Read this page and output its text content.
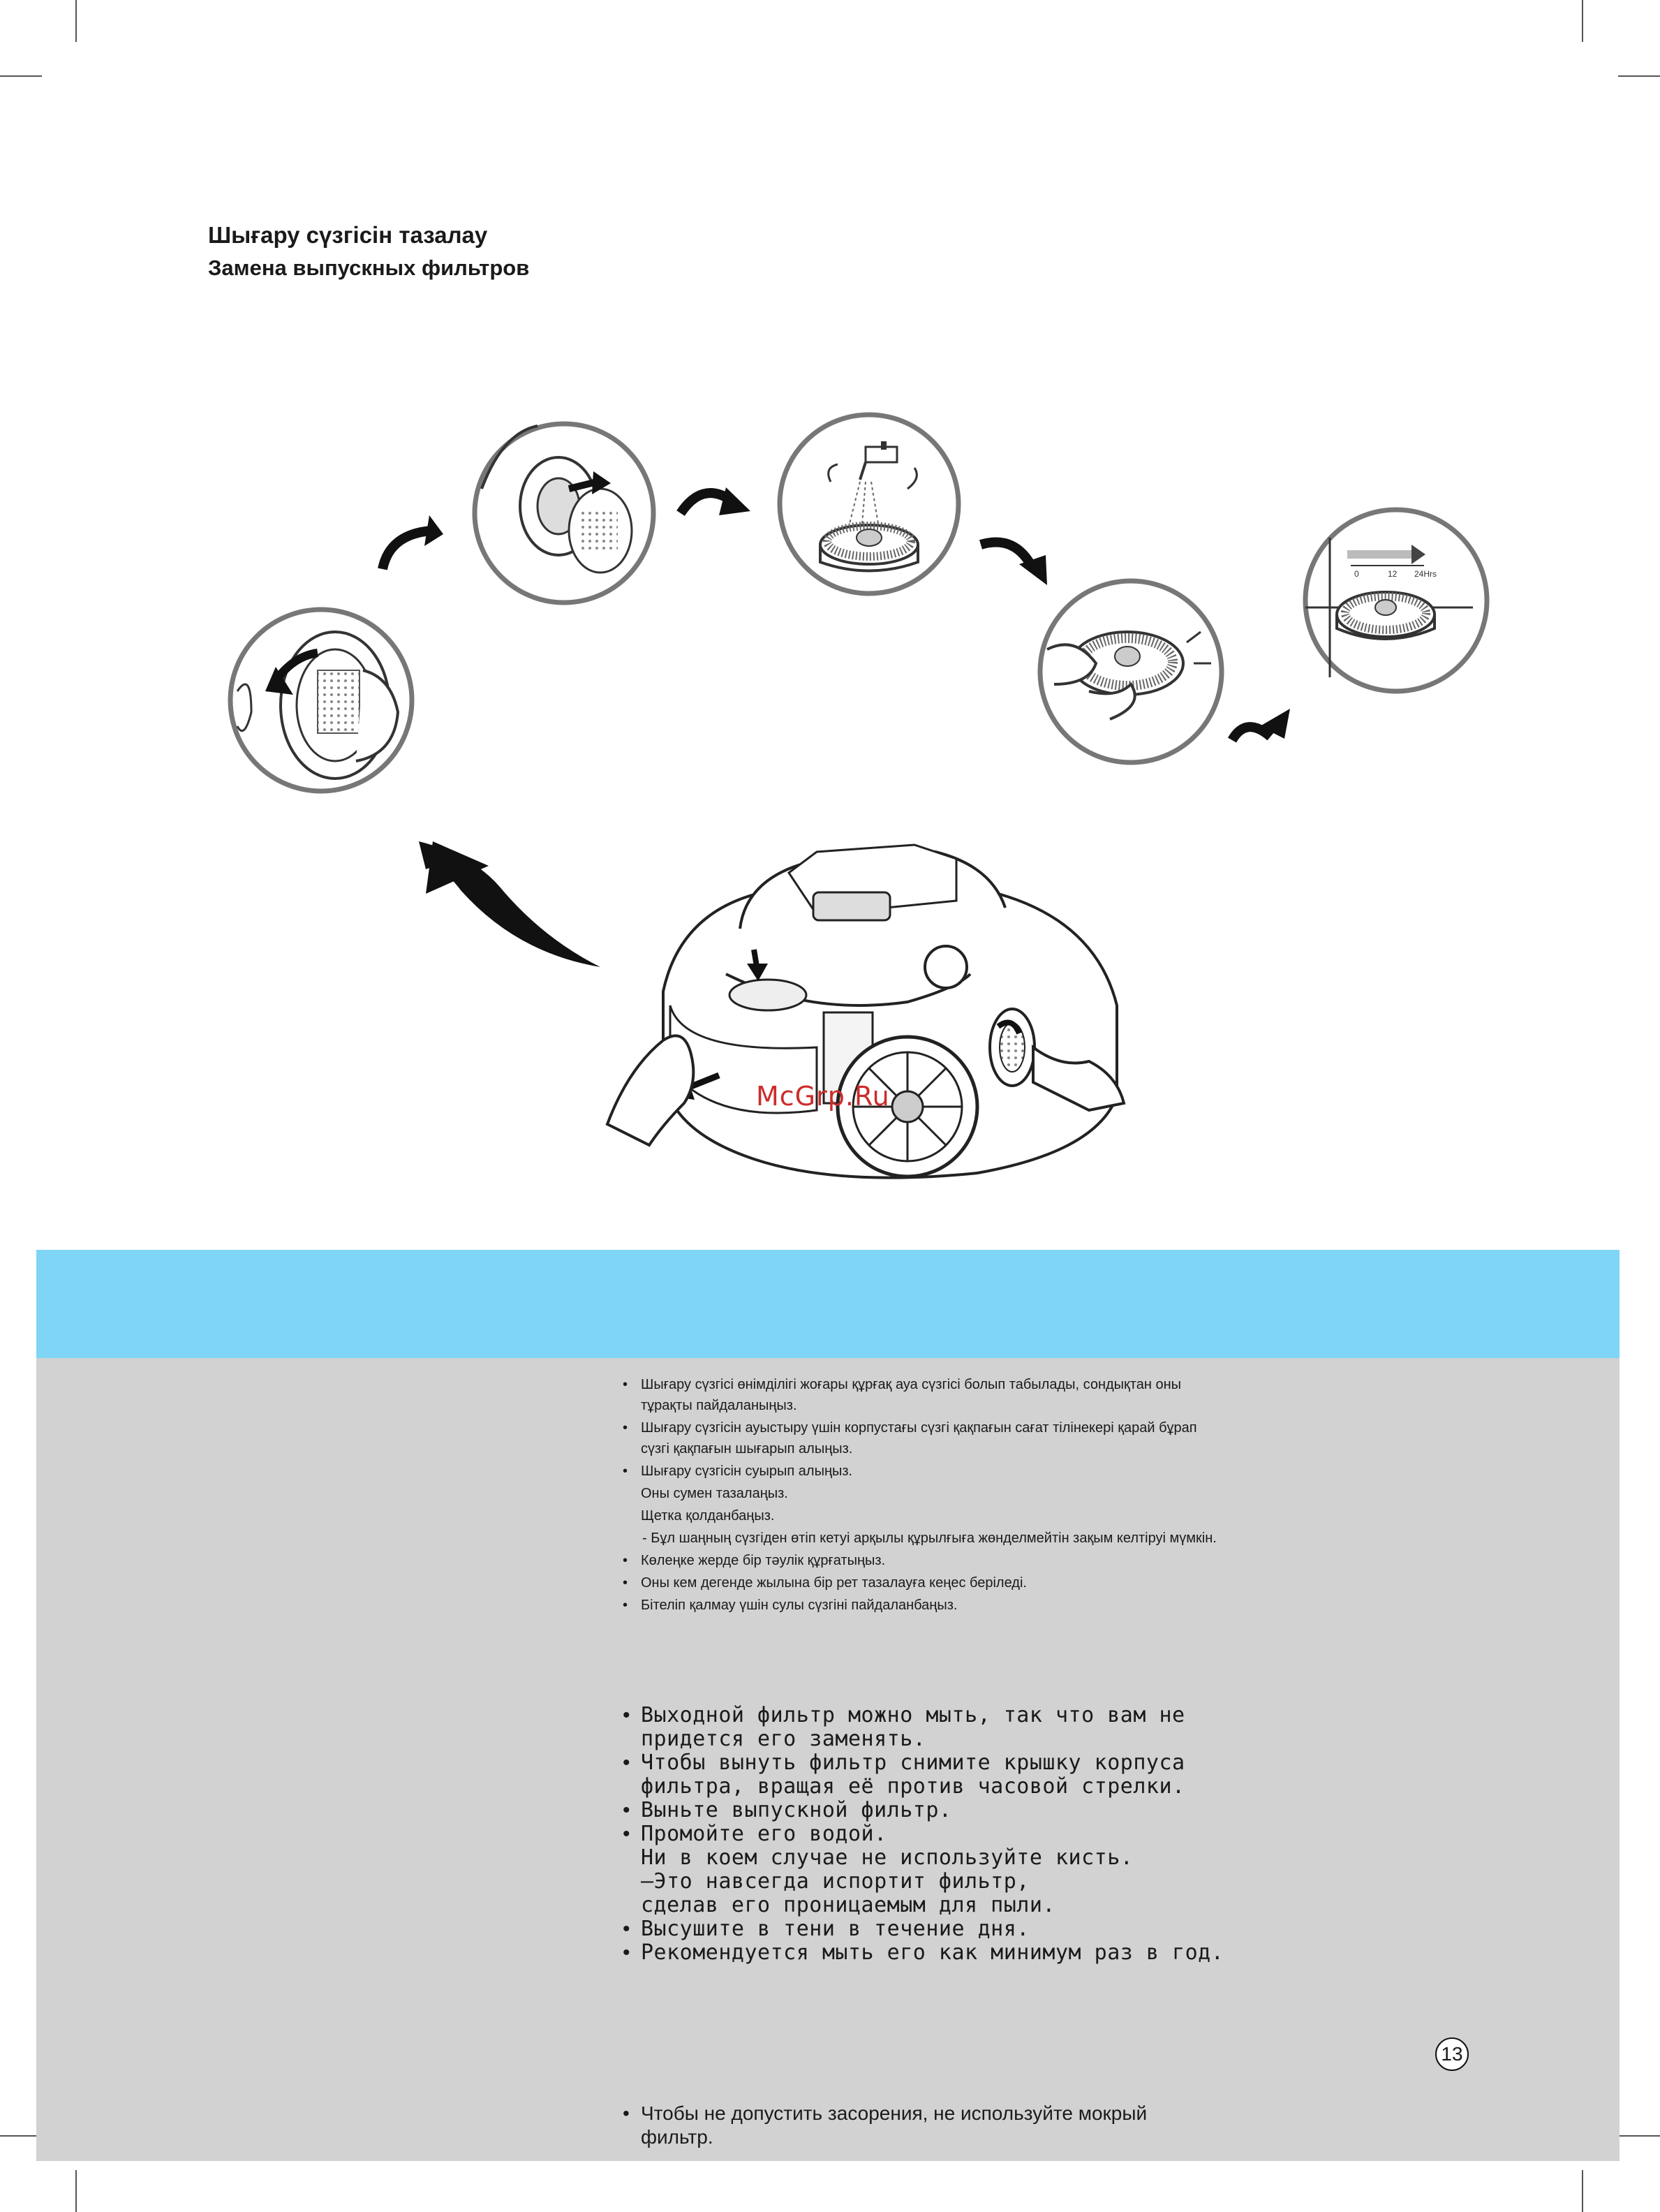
Шығару сүзгісін тазалау
Замена выпускных фильтров
0	12 24Hrs
McGrp.Ru
• Шығару сүзгісі өнімділігі жоғары құрғақ ауа сүзгісі болып табылады, сондықтан оны тұрақты пайдаланыңыз.
• Шығару сүзгісін ауыстыру үшін корпустағы сүзгі қақпағын сағат тілінекері қарай бұрап сүзгі қақпағын шығарып алыңыз.
• Шығару сүзгісін суырып алыңыз.
Оны сумен тазалаңыз.
Щетка қолданбаңыз.
- Бұл шаңның сүзгіден өтіп кетуі арқылы құрылғыға жөнделмейтін зақым келтіруі мүмкін.
• Көлеңке жерде бір тәулік құрғатыңыз.
• Оны кем дегенде жылына бір рет тазалауға кеңес беріледі.
• Бітеліп қалмау үшін сулы сүзгіні пайдаланбаңыз.
• Выходной фильтр можно мыть, так что вам не придется его заменять.
• Чтобы вынуть фильтр снимите крышку корпуса фильтра, вращая её против часовой стрелки.
• Выньте выпускной фильтр.
• Промойте его водой.
Ни в коем случае не используйте кисть.
–Это навсегда испортит фильтр,
сделав его проницаемым для пыли.
• Высушите в тени в течение дня.
• Рекомендуется мыть его как минимум раз в год.
• Чтобы не допустить засорения, не используйте мокрый фильтр.
13
